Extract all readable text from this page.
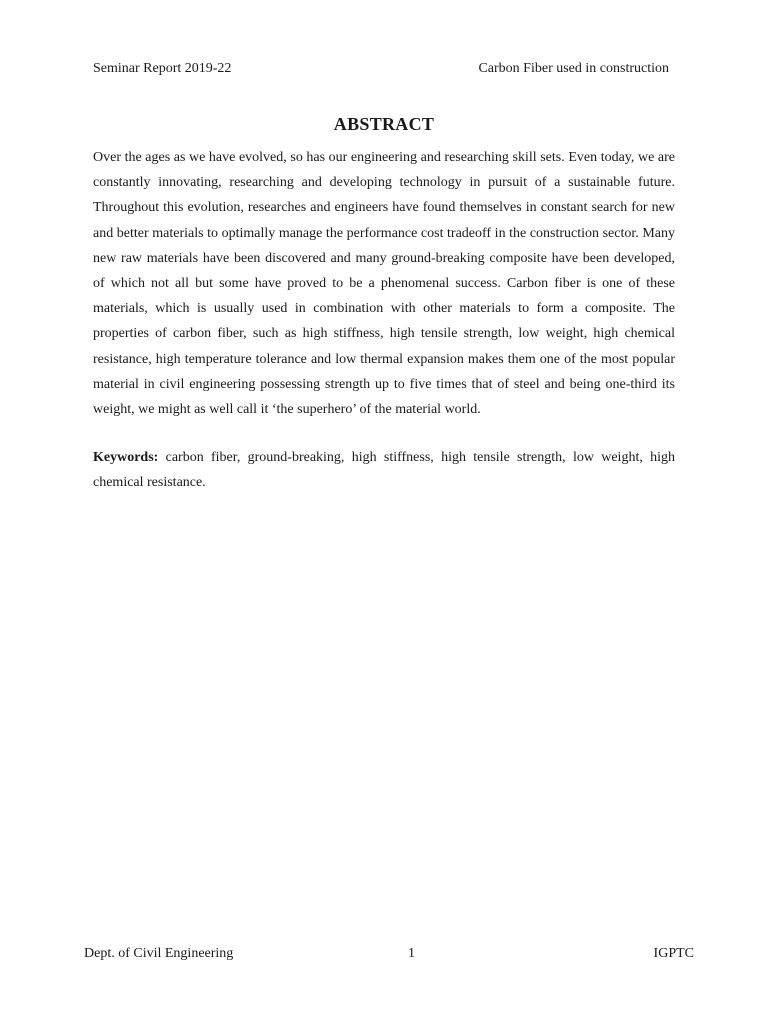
Seminar Report 2019-22	Carbon Fiber used in construction
ABSTRACT

Over the ages as we have evolved, so has our engineering and researching skill sets. Even today, we are constantly innovating, researching and developing technology in pursuit of a sustainable future. Throughout this evolution, researches and engineers have found themselves in constant search for new and better materials to optimally manage the performance cost tradeoff in the construction sector. Many new raw materials have been discovered and many ground-breaking composite have been developed, of which not all but some have proved to be a phenomenal success. Carbon fiber is one of these materials, which is usually used in combination with other materials to form a composite. The properties of carbon fiber, such as high stiffness, high tensile strength, low weight, high chemical resistance, high temperature tolerance and low thermal expansion makes them one of the most popular material in civil engineering possessing strength up to five times that of steel and being one-third its weight, we might as well call it ‘the superhero’ of the material world.

Keywords: carbon fiber, ground-breaking, high stiffness, high tensile strength, low weight, high chemical resistance.

Dept. of Civil Engineering	1	IGPTC
